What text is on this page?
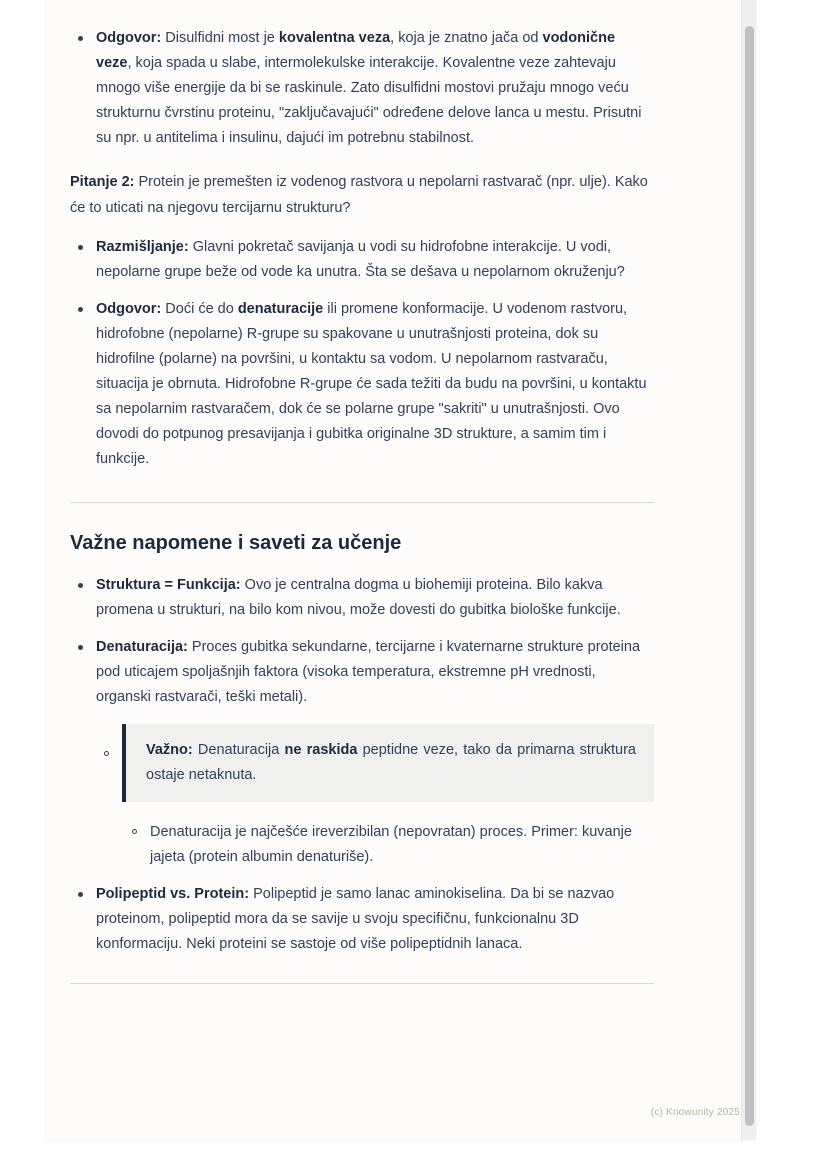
Odgovor: Disulfidni most je kovalentna veza, koja je znatno jača od vodonične veze, koja spada u slabe, intermolekulske interakcije. Kovalentne veze zahtevaju mnogo više energije da bi se raskinule. Zato disulfidni mostovi pružaju mnogo veću strukturnu čvrstinu proteinu, "zaključavajući" određene delove lanca u mestu. Prisutni su npr. u antitelima i insulinu, dajući im potrebnu stabilnost.

Pitanje 2: Protein je premešten iz vodenog rastvora u nepolarni rastvarač (npr. ulje). Kako će to uticati na njegovu tercijarnu strukturu?

Razmišljanje: Glavni pokretač savijanja u vodi su hidrofobne interakcije. U vodi, nepolarne grupe beže od vode ka unutra. Šta se dešava u nepolarnom okruženju?
Odgovor: Doći će do denaturacije ili promene konformacije. U vodenom rastvoru, hidrofobne (nepolarne) R-grupe su spakovane u unutrašnjosti proteina, dok su hidrofilne (polarne) na površini, u kontaktu sa vodom. U nepolarnom rastvaraču, situacija je obrnuta. Hidrofobne R-grupe će sada težiti da budu na površini, u kontaktu sa nepolarnim rastvaračem, dok će se polarne grupe "sakriti" u unutrašnjosti. Ovo dovodi do potpunog presavijanja i gubitka originalne 3D strukture, a samim tim i funkcije.
Važne napomene i saveti za učenje
Struktura = Funkcija: Ovo je centralna dogma u biohemiji proteina. Bilo kakva promena u strukturi, na bilo kom nivou, može dovesti do gubitka biološke funkcije.
Denaturacija: Proces gubitka sekundarne, tercijarne i kvaternarne strukture proteina pod uticajem spoljašnjih faktora (visoka temperatura, ekstremne pH vrednosti, organski rastvarači, teški metali).
Važno: Denaturacija ne raskida peptidne veze, tako da primarna struktura ostaje netaknuta.
Denaturacija je najčešće ireverzibilan (nepovratan) proces. Primer: kuvanje jajeta (protein albumin denaturiše).
Polipeptid vs. Protein: Polipeptid je samo lanac aminokiselina. Da bi se nazvao proteinom, polipeptid mora da se savije u svoju specifičnu, funkcionalnu 3D konformaciju. Neki proteini se sastoje od više polipeptidnih lanaca.
(c) Knowunity 2025
